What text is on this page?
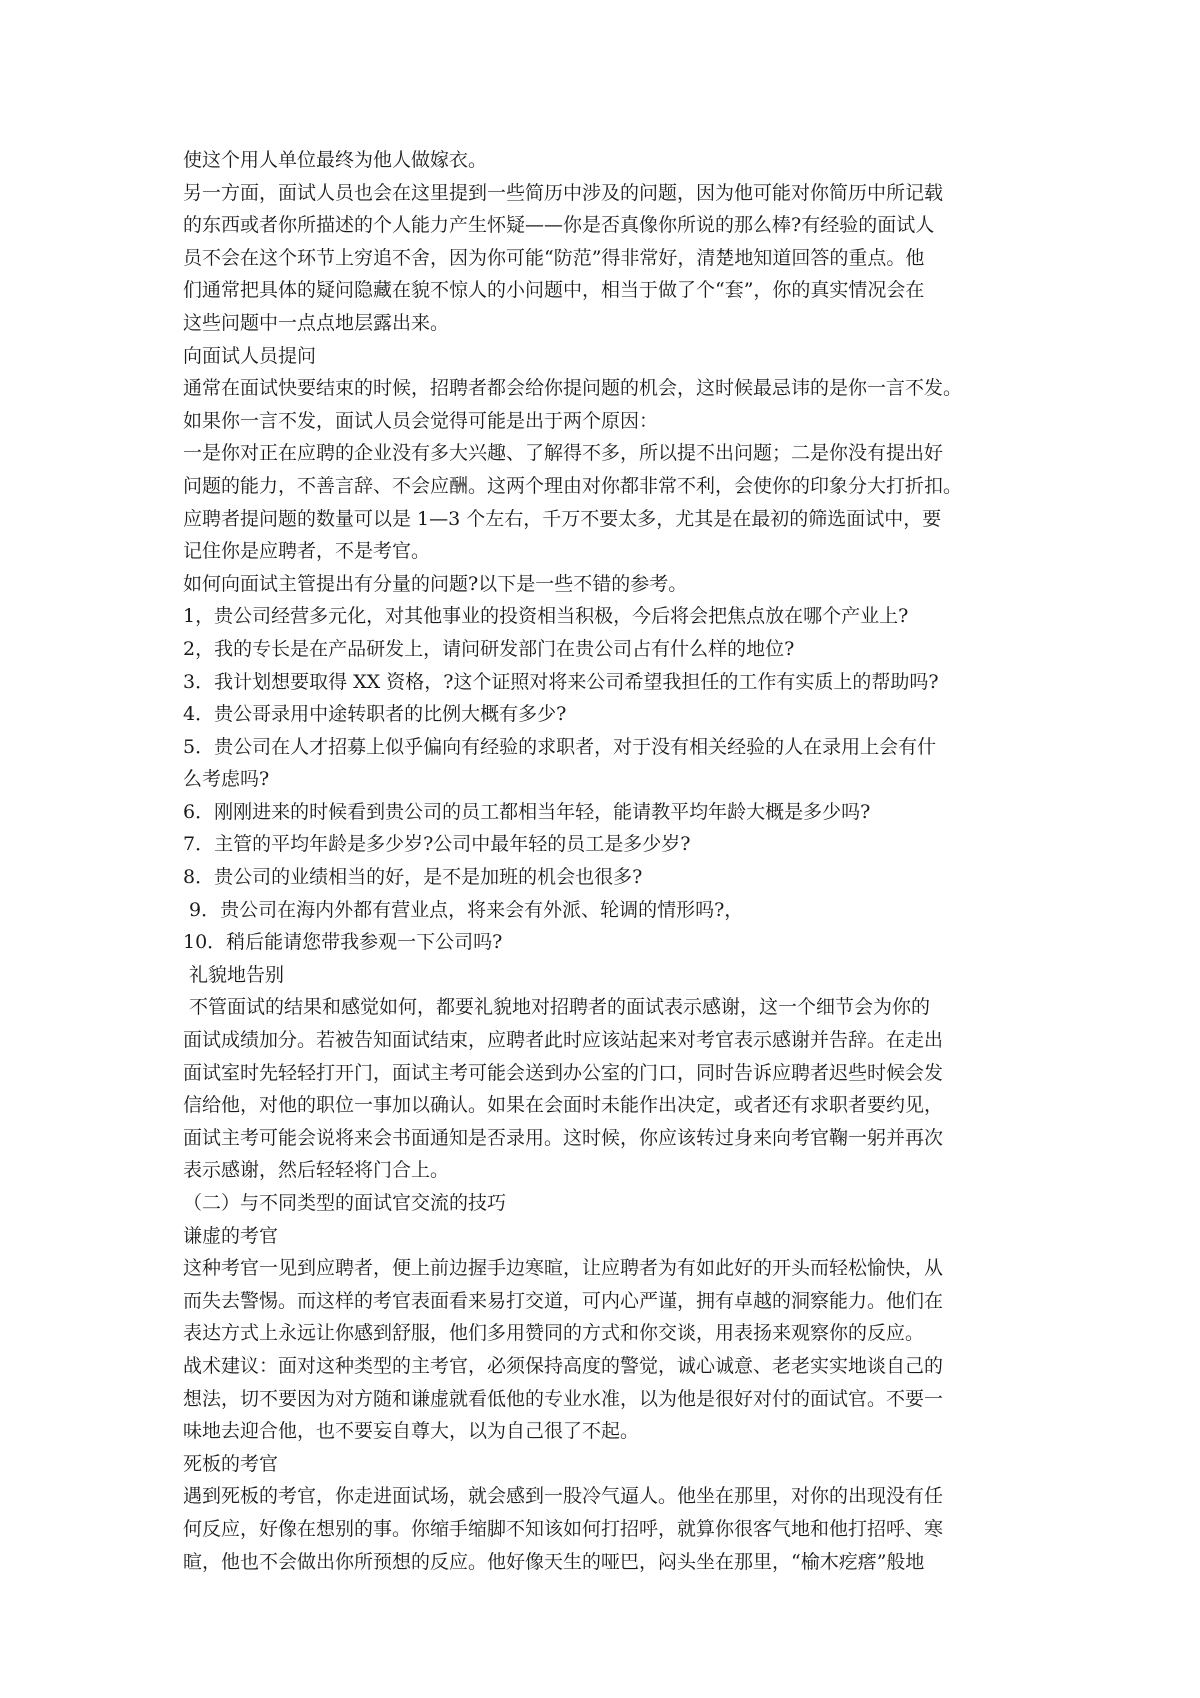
使这个用人单位最终为他人做嫁衣。

另一方面，面试人员也会在这里提到一些简历中涉及的问题，因为他可能对你简历中所记载

的东西或者你所描述的个人能力产生怀疑——你是否真像你所说的那么棒?有经验的面试人

员不会在这个环节上穷追不舍，因为你可能“防范”得非常好，清楚地知道回答的重点。他

们通常把具体的疑问隐藏在貌不惊人的小问题中，相当于做了个“套”，你的真实情况会在

这些问题中一点点地层露出来。

向面试人员提问

通常在面试快要结束的时候，招聘者都会给你提问题的机会，这时候最忌讳的是你一言不发。

如果你一言不发，面试人员会觉得可能是出于两个原因：

一是你对正在应聘的企业没有多大兴趣、了解得不多，所以提不出问题；二是你没有提出好

问题的能力，不善言辞、不会应酬。这两个理由对你都非常不利，会使你的印象分大打折扣。

应聘者提问题的数量可以是 1—3 个左右，千万不要太多，尤其是在最初的筛选面试中，要

记住你是应聘者，不是考官。

如何向面试主管提出有分量的问题?以下是一些不错的参考。

1，贵公司经营多元化，对其他事业的投资相当积极，今后将会把焦点放在哪个产业上?

2，我的专长是在产品研发上，请问研发部门在贵公司占有什么样的地位?

3．我计划想要取得 XX 资格，?这个证照对将来公司希望我担任的工作有实质上的帮助吗?

4．贵公哥录用中途转职者的比例大概有多少?

5．贵公司在人才招募上似乎偏向有经验的求职者，对于没有相关经验的人在录用上会有什

么考虑吗?

6．刚刚进来的时候看到贵公司的员工都相当年轻，能请教平均年龄大概是多少吗?

7．主管的平均年龄是多少岁?公司中最年轻的员工是多少岁?

8．贵公司的业绩相当的好，是不是加班的机会也很多?

9．贵公司在海内外都有营业点，将来会有外派、轮调的情形吗?，

10．稍后能请您带我参观一下公司吗?

礼貌地告别

不管面试的结果和感觉如何，都要礼貌地对招聘者的面试表示感谢，这一个细节会为你的

面试成绩加分。若被告知面试结束，应聘者此时应该站起来对考官表示感谢并告辞。在走出

面试室时先轻轻打开门，面试主考可能会送到办公室的门口，同时告诉应聘者迟些时候会发

信给他，对他的职位一事加以确认。如果在会面时未能作出决定，或者还有求职者要约见，

面试主考可能会说将来会书面通知是否录用。这时候，你应该转过身来向考官鞠一躬并再次

表示感谢，然后轻轻将门合上。

（二）与不同类型的面试官交流的技巧

谦虚的考官

这种考官一见到应聘者，便上前边握手边寒暄，让应聘者为有如此好的开头而轻松愉快，从

而失去警惕。而这样的考官表面看来易打交道，可内心严谨，拥有卓越的洞察能力。他们在

表达方式上永远让你感到舒服，他们多用赞同的方式和你交谈，用表扬来观察你的反应。

战术建议：面对这种类型的主考官，必须保持高度的警觉，诚心诚意、老老实实地谈自己的

想法，切不要因为对方随和谦虚就看低他的专业水准，以为他是很好对付的面试官。不要一

味地去迎合他，也不要妄自尊大，以为自己很了不起。

死板的考官

遇到死板的考官，你走进面试场，就会感到一股冷气逼人。他坐在那里，对你的出现没有任

何反应，好像在想别的事。你缩手缩脚不知该如何打招呼，就算你很客气地和他打招呼、寒

暄，他也不会做出你所预想的反应。他好像天生的哑巴，闷头坐在那里，“榆木疙瘩”般地
